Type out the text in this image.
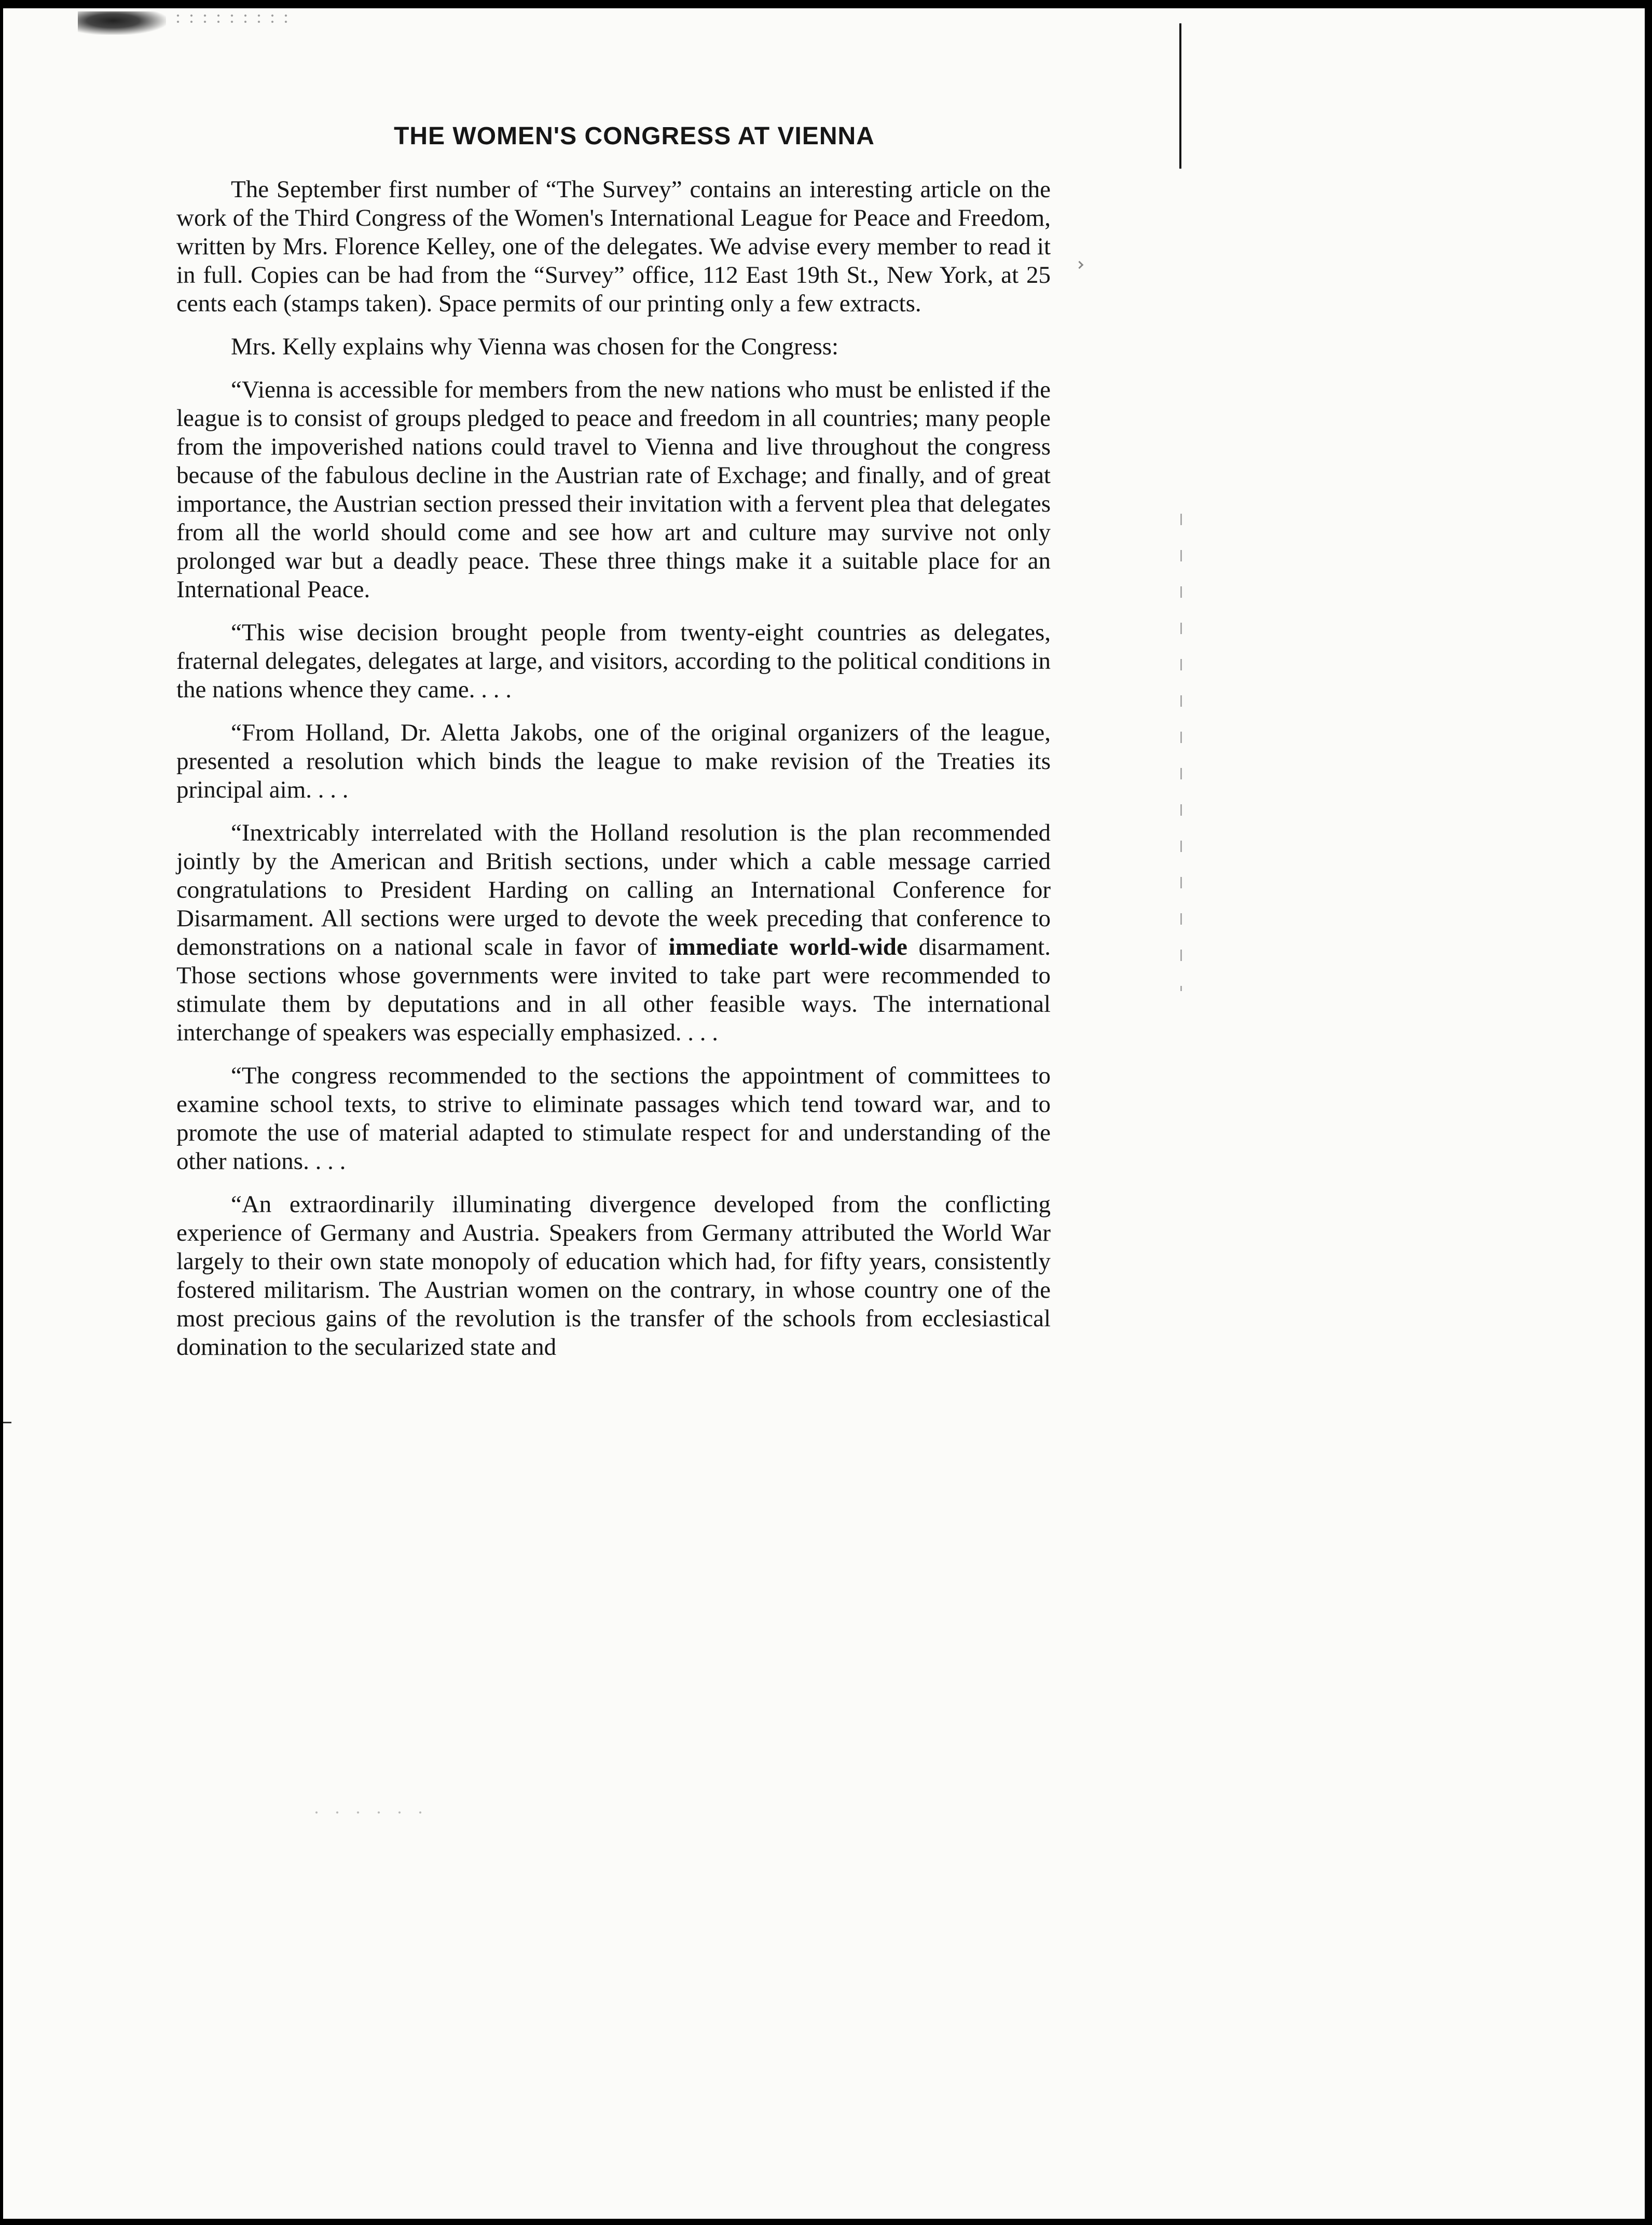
THE WOMEN'S CONGRESS AT VIENNA

The September first number of “The Survey” contains an interesting article on the work of the Third Congress of the Women's International League for Peace and Freedom, written by Mrs. Florence Kelley, one of the delegates. We advise every member to read it in full. Copies can be had from the “Survey” office, 112 East 19th St., New York, at 25 cents each (stamps taken). Space permits of our printing only a few extracts.

Mrs. Kelly explains why Vienna was chosen for the Congress:

“Vienna is accessible for members from the new nations who must be enlisted if the league is to consist of groups pledged to peace and freedom in all countries; many people from the impoverished nations could travel to Vienna and live throughout the congress because of the fabulous decline in the Austrian rate of Exchage; and finally, and of great importance, the Austrian section pressed their invitation with a fervent plea that delegates from all the world should come and see how art and culture may survive not only prolonged war but a deadly peace. These three things make it a suitable place for an International Peace.

“This wise decision brought people from twenty-eight countries as delegates, fraternal delegates, delegates at large, and visitors, according to the political conditions in the nations whence they came. . . .

“From Holland, Dr. Aletta Jakobs, one of the original organizers of the league, presented a resolution which binds the league to make revision of the Treaties its principal aim. . . .

“Inextricably interrelated with the Holland resolution is the plan recommended jointly by the American and British sections, under which a cable message carried congratulations to President Harding on calling an International Conference for Disarmament. All sections were urged to devote the week preceding that conference to demonstrations on a national scale in favor of immediate world-wide disarmament. Those sections whose governments were invited to take part were recommended to stimulate them by deputations and in all other feasible ways. The international interchange of speakers was especially emphasized. . . .

“The congress recommended to the sections the appointment of committees to examine school texts, to strive to eliminate passages which tend toward war, and to promote the use of material adapted to stimulate respect for and understanding of the other nations. . . .

“An extraordinarily illuminating divergence developed from the conflicting experience of Germany and Austria. Speakers from Germany attributed the World War largely to their own state monopoly of education which had, for fifty years, consistently fostered militarism. The Austrian women on the contrary, in whose country one of the most precious gains of the revolution is the transfer of the schools from ecclesiastical domination to the secularized state and
